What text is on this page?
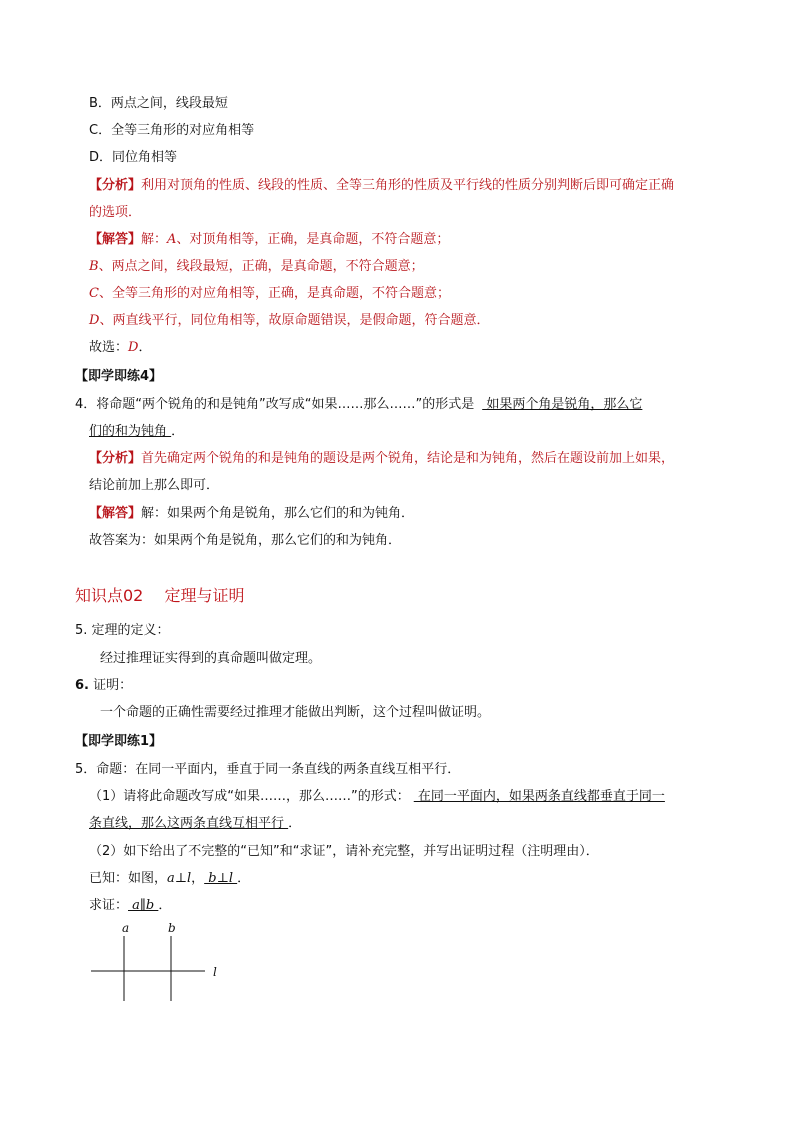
B．两点之间，线段最短
C．全等三角形的对应角相等
D．同位角相等
【分析】利用对顶角的性质、线段的性质、全等三角形的性质及平行线的性质分别判断后即可确定正确
的选项．
【解答】解：A、对顶角相等，正确，是真命题，不符合题意；
B、两点之间，线段最短，正确，是真命题，不符合题意；
C、全等三角形的对应角相等，正确，是真命题，不符合题意；
D、两直线平行，同位角相等，故原命题错误，是假命题，符合题意．
故选：D．
【即学即练4】
4．将命题“两个锐角的和是钝角”改写成“如果……那么……”的形式是 如果两个角是锐角，那么它
们的和为钝角 ．
【分析】首先确定两个锐角的和是钝角的题设是两个锐角，结论是和为钝角，然后在题设前加上如果，
结论前加上那么即可．
【解答】解：如果两个角是锐角，那么它们的和为钝角．
故答案为：如果两个角是锐角，那么它们的和为钝角．
知识点02　 定理与证明
5. 定理的定义：
经过推理证实得到的真命题叫做定理。
6. 证明：
一个命题的正确性需要经过推理才能做出判断，这个过程叫做证明。
【即学即练1】
5．命题：在同一平面内，垂直于同一条直线的两条直线互相平行．
（1）请将此命题改写成“如果……，那么……”的形式： 在同一平面内，如果两条直线都垂直于同一
条直线，那么这两条直线互相平行 ．
（2）如下给出了不完整的“已知”和“求证”，请补充完整，并写出证明过程（注明理由）．
已知：如图，a⊥l， b⊥l ．
求证： a∥b ．
a	b
l
